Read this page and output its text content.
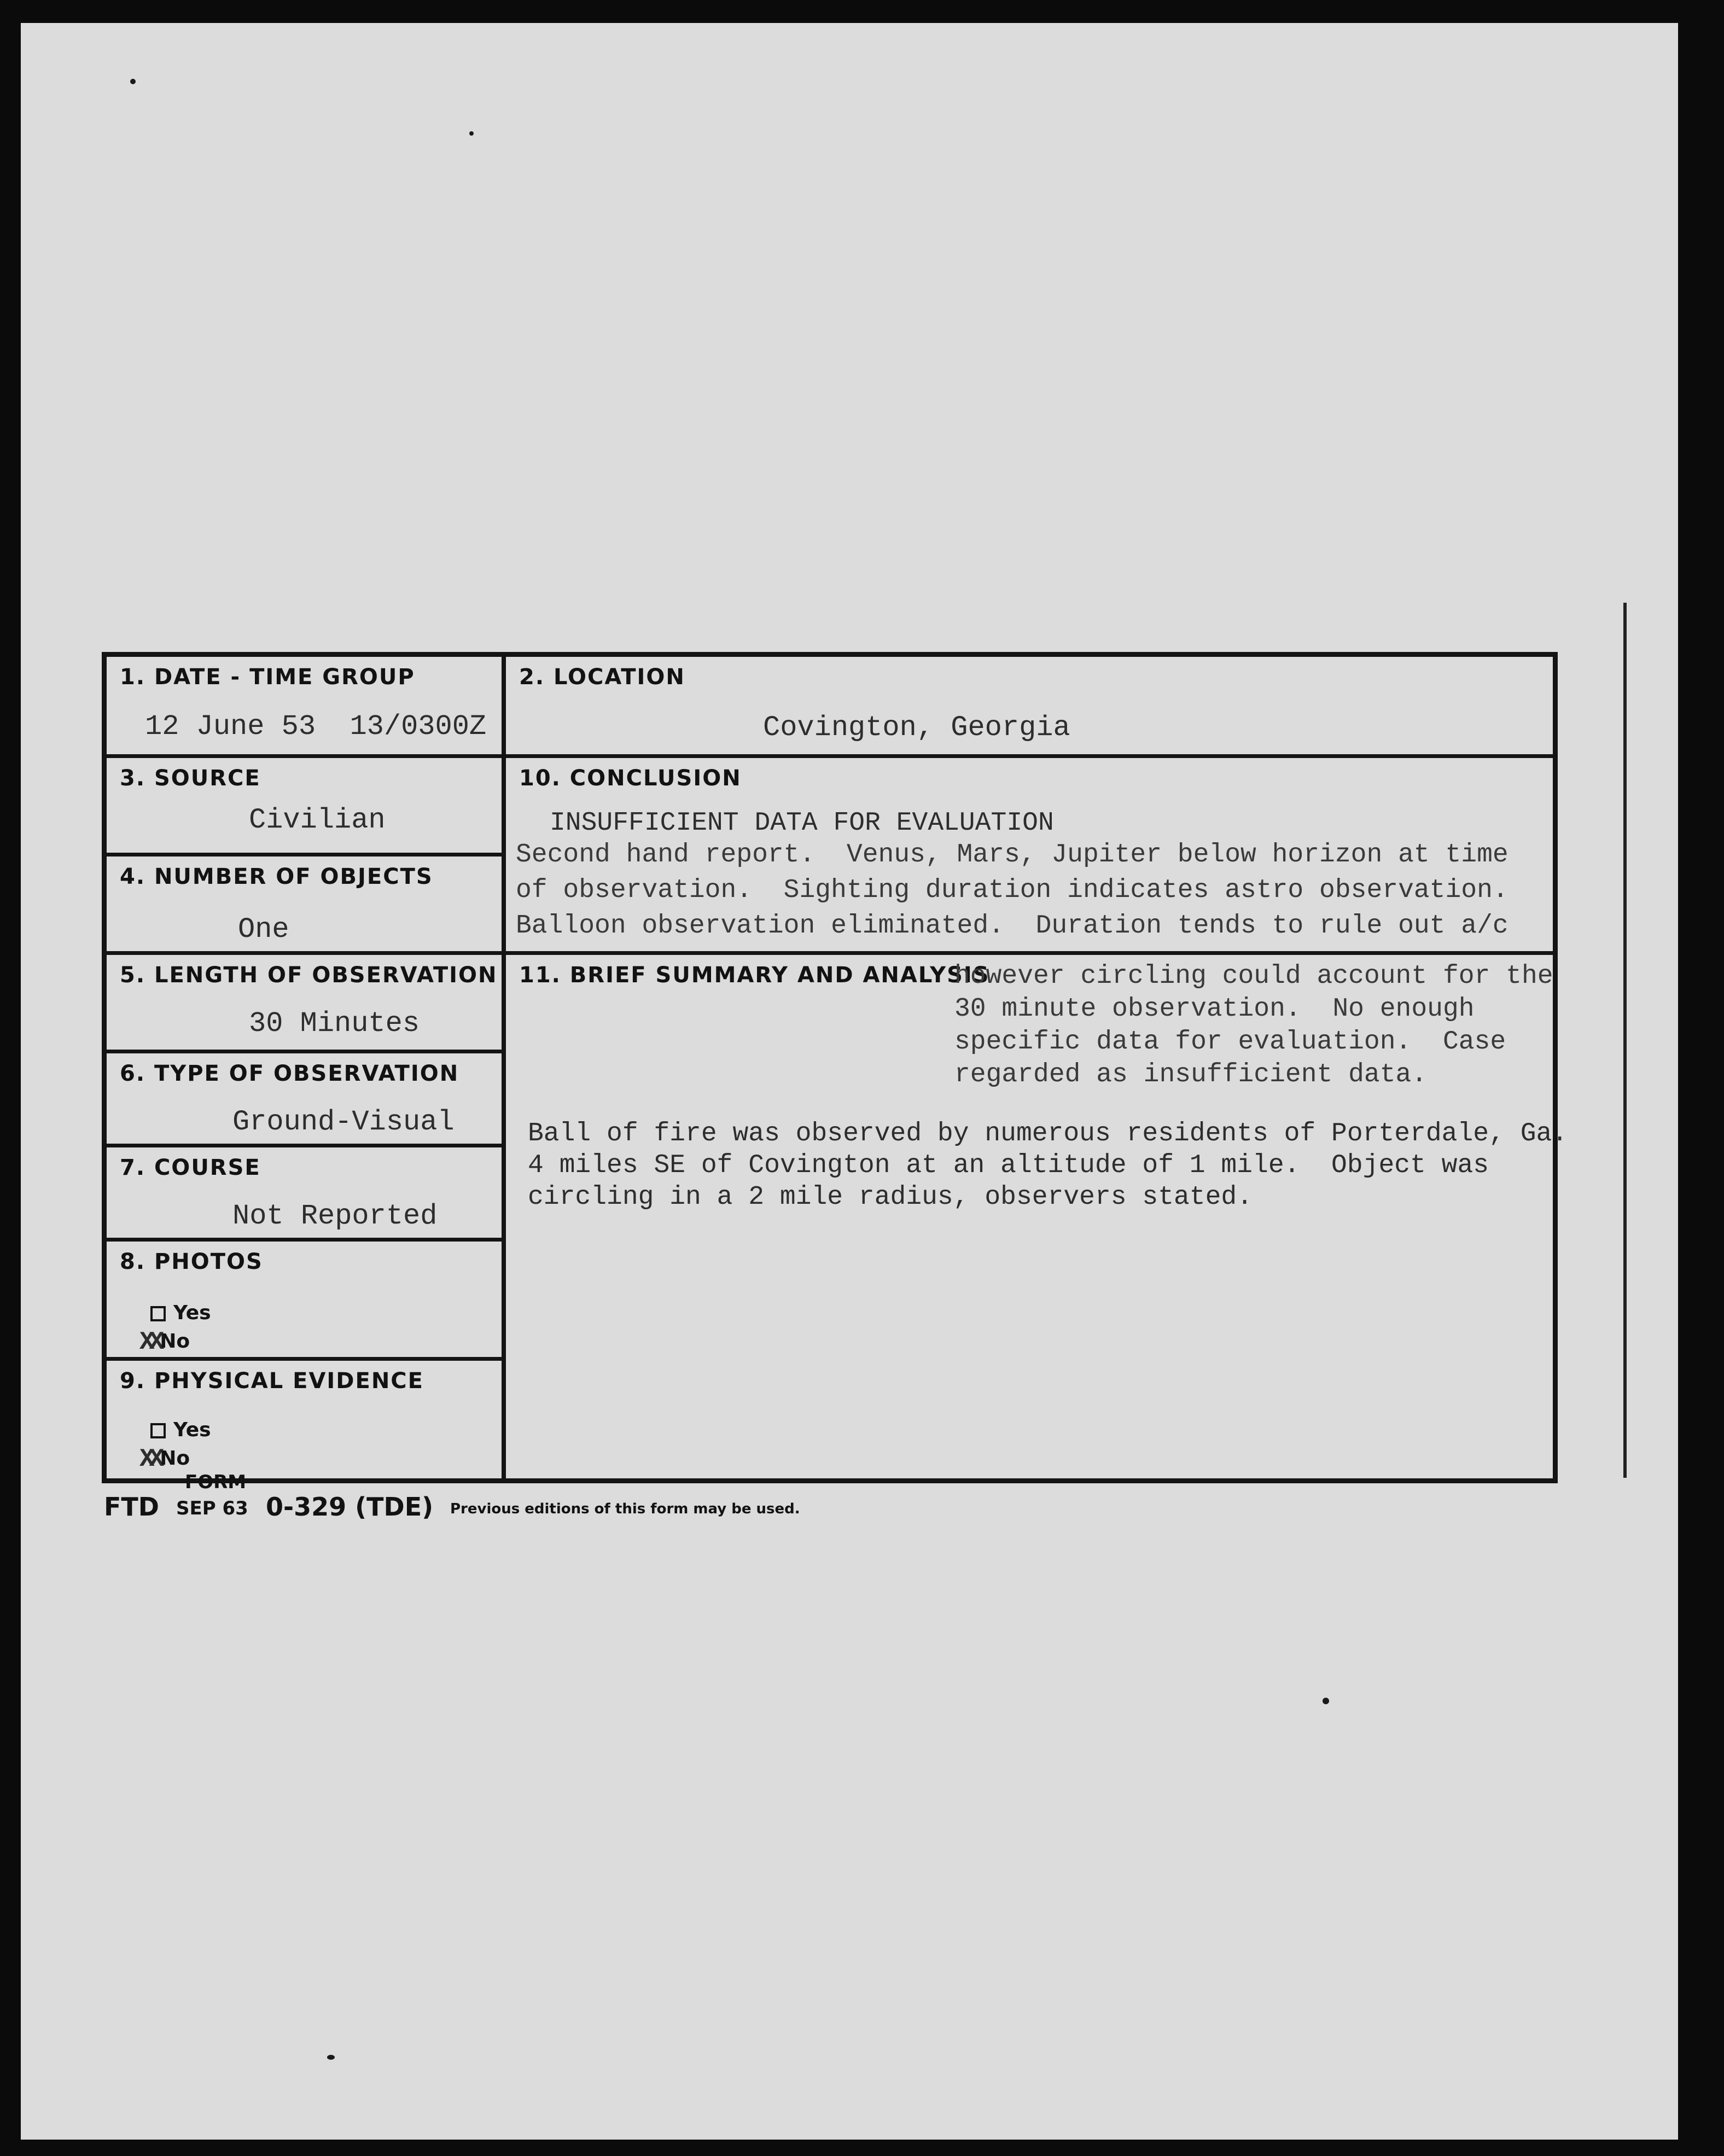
1. DATE - TIME GROUP
12 June 53  13/0300Z
2. LOCATION
Covington, Georgia
3. SOURCE
Civilian
10. CONCLUSION
INSUFFICIENT DATA FOR EVALUATION
Second hand report.  Venus, Mars, Jupiter below horizon at time
of observation.  Sighting duration indicates astro observation.
Balloon observation eliminated.  Duration tends to rule out a/c
4. NUMBER OF OBJECTS
One
5. LENGTH OF OBSERVATION
30 Minutes
11. BRIEF SUMMARY AND ANALYSIS
however circling could account for the
30 minute observation.  No enough
specific data for evaluation.  Case
regarded as insufficient data.
Ball of fire was observed by numerous residents of Porterdale, Ga.
4 miles SE of Covington at an altitude of 1 mile.  Object was
circling in a 2 mile radius, observers stated.
6. TYPE OF OBSERVATION
Ground-Visual
7. COURSE
Not Reported
8. PHOTOS
Yes
XXNo
9. PHYSICAL EVIDENCE
Yes
XXNo
FORM
FTD SEP 63 0-329 (TDE) Previous editions of this form may be used.
